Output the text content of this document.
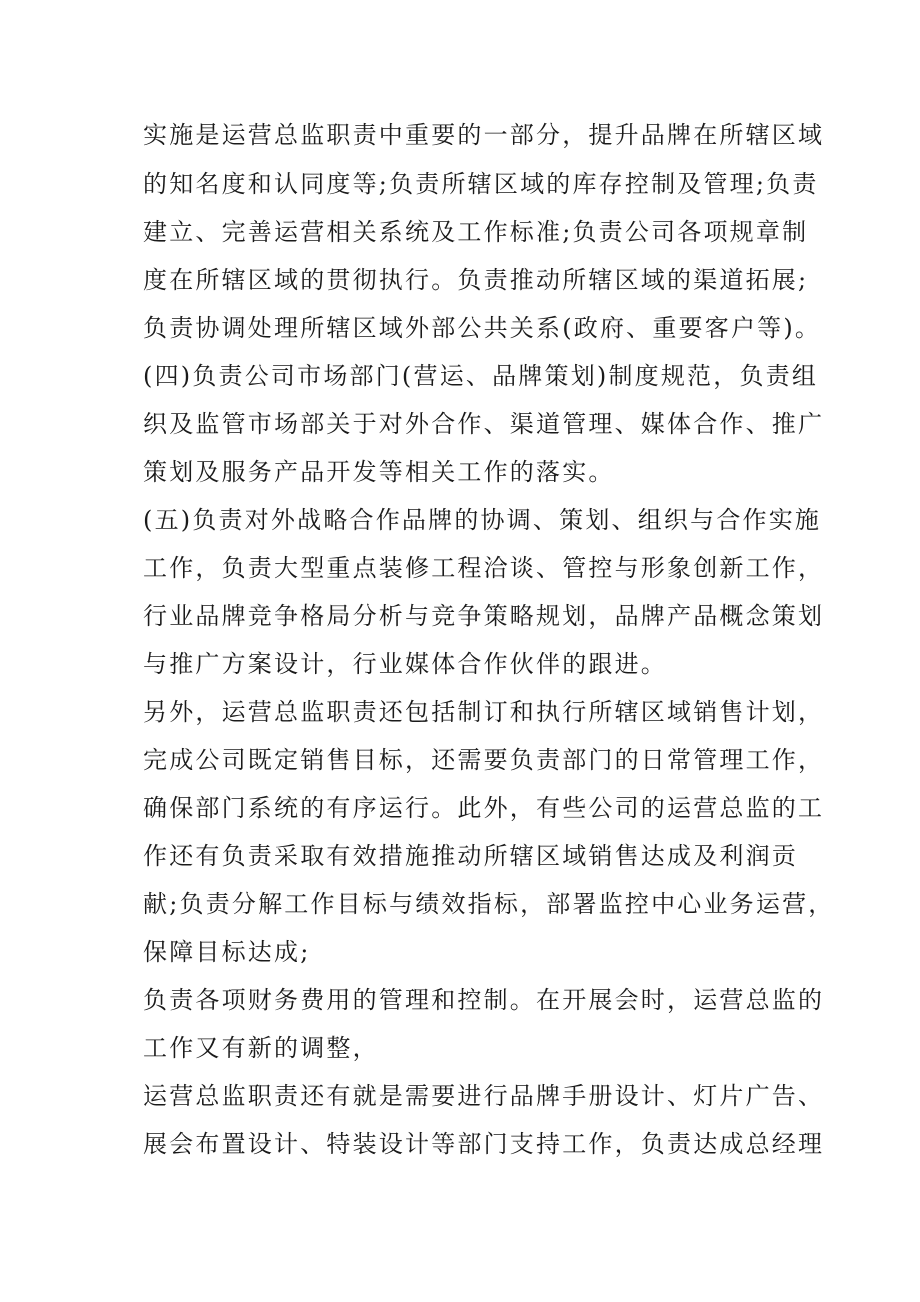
实施是运营总监职责中重要的一部分，提升品牌在所辖区域

的知名度和认同度等;负责所辖区域的库存控制及管理;负责

建立、完善运营相关系统及工作标准;负责公司各项规章制

度在所辖区域的贯彻执行。负责推动所辖区域的渠道拓展;

负责协调处理所辖区域外部公共关系(政府、重要客户等)。

(四)负责公司市场部门(营运、品牌策划)制度规范，负责组

织及监管市场部关于对外合作、渠道管理、媒体合作、推广

策划及服务产品开发等相关工作的落实。

(五)负责对外战略合作品牌的协调、策划、组织与合作实施

工作，负责大型重点装修工程洽谈、管控与形象创新工作，

行业品牌竞争格局分析与竞争策略规划，品牌产品概念策划

与推广方案设计，行业媒体合作伙伴的跟进。

另外，运营总监职责还包括制订和执行所辖区域销售计划，

完成公司既定销售目标，还需要负责部门的日常管理工作，

确保部门系统的有序运行。此外，有些公司的运营总监的工

作还有负责采取有效措施推动所辖区域销售达成及利润贡

献;负责分解工作目标与绩效指标，部署监控中心业务运营，

保障目标达成;

负责各项财务费用的管理和控制。在开展会时，运营总监的

工作又有新的调整，

运营总监职责还有就是需要进行品牌手册设计、灯片广告、

展会布置设计、特装设计等部门支持工作，负责达成总经理
